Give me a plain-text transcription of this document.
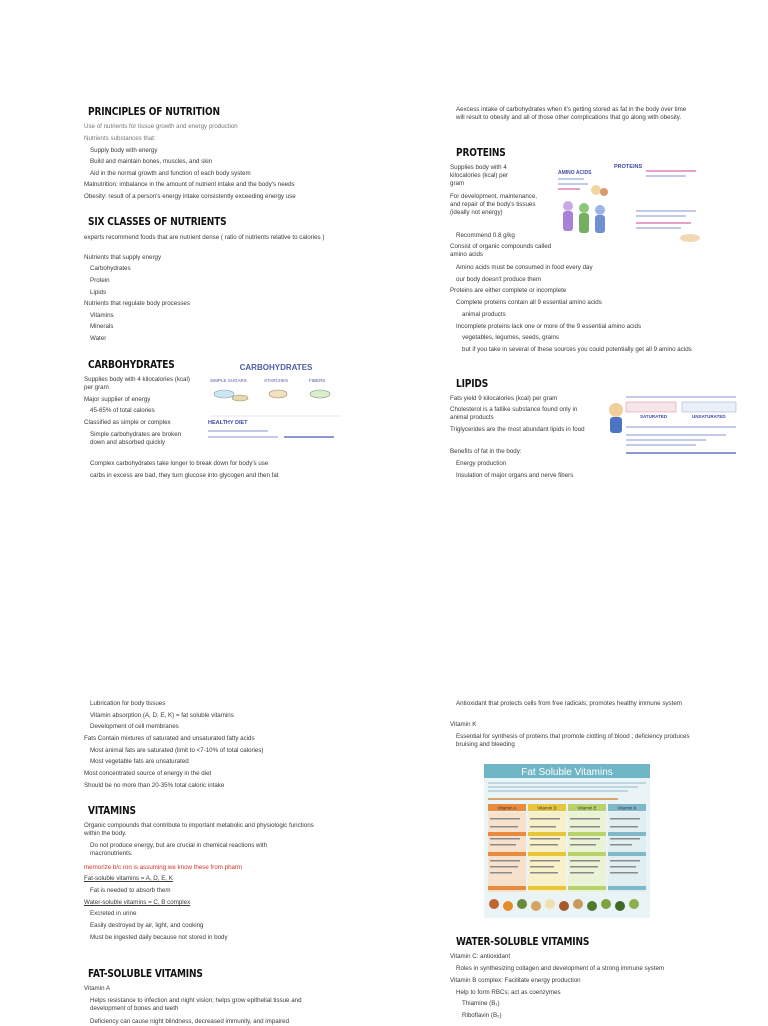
PRINCIPLES OF NUTRITION
Use of nutrients for tissue growth and energy production
Nutrients substances that:
Supply body with energy
Build and maintain bones, muscles, and skin
Aid in the normal growth and function of each body system
Malnutrition: imbalance in the amount of nutrient intake and the body's needs
Obesity: result of a person's energy intake consistently exceeding energy use
SIX CLASSES OF NUTRIENTS
experts recommend foods that are nutrient dense ( ratio of nutrients relative to calories )
Nutrients that supply energy
Carbohydrates
Protein
Lipids
Nutrients that regulate body processes
Vitamins
Minerals
Water
CARBOHYDRATES
Supplies body with 4 kilocalories (kcal) per gram
Major supplier of energy
45-65% of total calories
Classified as simple or complex
Simple carbohydrates are broken down and absorbed quickly
Complex carbohydrates take longer to break down for body's use
carbs in excess are bad, they turn glucose into glycogen and then fat
CARBOHYDRATES
SIMPLE SUGARS	STARCHES	FIBERS
HEALTHY DIET
Aexcess intake of carbohydrates when it's getting stored as fat in the body over time will result to obesity and all of those other complications that go along with obesity.
PROTEINS
Supplies body with 4 kilocalories (kcal) per gram
For development, maintenance, and repair of the body's tissues (ideally not energy)
Recommend 0.8 g/kg
Consist of organic compounds called amino acids
Amino acids must be consumed in food every day
our body doesn't produce them
Proteins are either complete or incomplete
Complete proteins contain all 9 essential amino acids
animal products
Incomplete proteins lack one or more of the 9 essential amino acids
vegetables, legumes, seeds, grains
but if you take in several of these sources you could potentially get all 9 amino acids
AMINO ACIDS
PROTEINS
LIPIDS
Fats yield 9 kilocalories (kcal) per gram
Cholesterol is a fatlike substance found only in animal products
Triglycerides are the most abundant lipids in food
Benefits of fat in the body:
Energy production
Insulation of major organs and nerve fibers
SATURATED	UNSATURATED
Lubrication for body tissues
Vitamin absorption (A, D, E, K) = fat soluble vitamins
Development of cell membranes
Fats Contain mixtures of saturated and unsaturated fatty acids
Most animal fats are saturated (limit to <7-10% of total calories)
Most vegetable fats are unsaturated
Most concentrated source of energy in the diet
Should be no more than 20-35% total caloric intake
VITAMINS
Organic compounds that contribute to important metabolic and physiologic functions within the body.
Do not produce energy, but are crucial in chemical reactions with macronutrients.
memorize b/c ron is assuming we know these from pharm
Fat-soluble vitamins = A, D, E, K
Fat is needed to absorb them
Water-soluble vitamins = C, B complex
Excreted in urine
Easily destroyed by air, light, and cooking
Must be ingested daily because not stored in body
FAT-SOLUBLE VITAMINS
Vitamin A
Helps resistance to infection and night vision; helps grow epithelial tissue and development of bones and teeth
Deficiency can cause night blindness, decreased immunity, and impaired
Antioxidant that protects cells from free radicals; promotes healthy immune system
Vitamin K
Essential for synthesis of proteins that promote clotting of blood ; deficiency produces bruising and bleeding
Fat Soluble Vitamins
Vitamin A	Vitamin D	Vitamin E	Vitamin K
WATER-SOLUBLE VITAMINS
Vitamin C: antioxidant
Roles in synthesizing collagen and development of a strong immune system
Vitamin B complex: Facilitate energy production
Help to form RBCs; act as coenzymes
Thiamine (B₁)
Riboflavin (B₂)
